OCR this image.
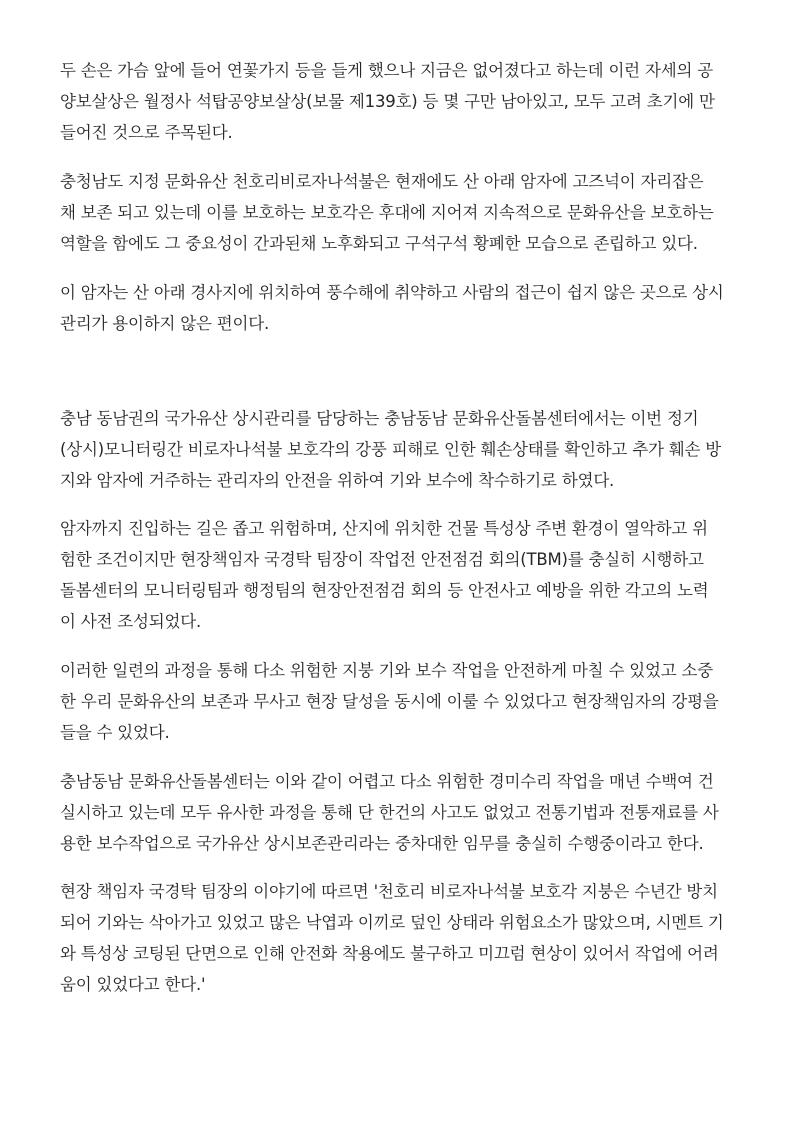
두 손은 가슴 앞에 들어 연꽃가지 등을 들게 했으나 지금은 없어졌다고 하는데 이런 자세의 공
양보살상은 월정사 석탑공양보살상(보물 제139호) 등 몇 구만 남아있고, 모두 고려 초기에 만
들어진 것으로 주목된다.

충청남도 지정 문화유산 천호리비로자나석불은 현재에도 산 아래 암자에 고즈넉이 자리잡은
채 보존 되고 있는데 이를 보호하는 보호각은 후대에 지어져 지속적으로 문화유산을 보호하는
역할을 함에도 그 중요성이 간과된채 노후화되고 구석구석 황폐한 모습으로 존립하고 있다.

이 암자는 산 아래 경사지에 위치하여 풍수해에 취약하고 사람의 접근이 쉽지 않은 곳으로 상시
관리가 용이하지 않은 편이다.

충남 동남권의 국가유산 상시관리를 담당하는 충남동남 문화유산돌봄센터에서는 이번 정기
(상시)모니터링간 비로자나석불 보호각의 강풍 피해로 인한 훼손상태를 확인하고 추가 훼손 방
지와 암자에 거주하는 관리자의 안전을 위하여 기와 보수에 착수하기로 하였다.

암자까지 진입하는 길은 좁고 위험하며, 산지에 위치한 건물 특성상 주변 환경이 열악하고 위
험한 조건이지만 현장책임자 국경탁 팀장이 작업전 안전점검 회의(TBM)를 충실히 시행하고
돌봄센터의 모니터링팀과 행정팀의 현장안전점검 회의 등 안전사고 예방을 위한 각고의 노력
이 사전 조성되었다.

이러한 일련의 과정을 통해 다소 위험한 지붕 기와 보수 작업을 안전하게 마칠 수 있었고 소중
한 우리 문화유산의 보존과 무사고 현장 달성을 동시에 이룰 수 있었다고 현장책임자의 강평을
들을 수 있었다.

충남동남 문화유산돌봄센터는 이와 같이 어렵고 다소 위험한 경미수리 작업을 매년 수백여 건
실시하고 있는데 모두 유사한 과정을 통해 단 한건의 사고도 없었고 전통기법과 전통재료를 사
용한 보수작업으로 국가유산 상시보존관리라는 중차대한 임무를 충실히 수행중이라고 한다.

현장 책임자 국경탁 팀장의 이야기에 따르면 '천호리 비로자나석불 보호각 지붕은 수년간 방치
되어 기와는 삭아가고 있었고 많은 낙엽과 이끼로 덮인 상태라 위험요소가 많았으며, 시멘트 기
와 특성상 코팅된 단면으로 인해 안전화 착용에도 불구하고 미끄럼 현상이 있어서 작업에 어려
움이 있었다고 한다.'
